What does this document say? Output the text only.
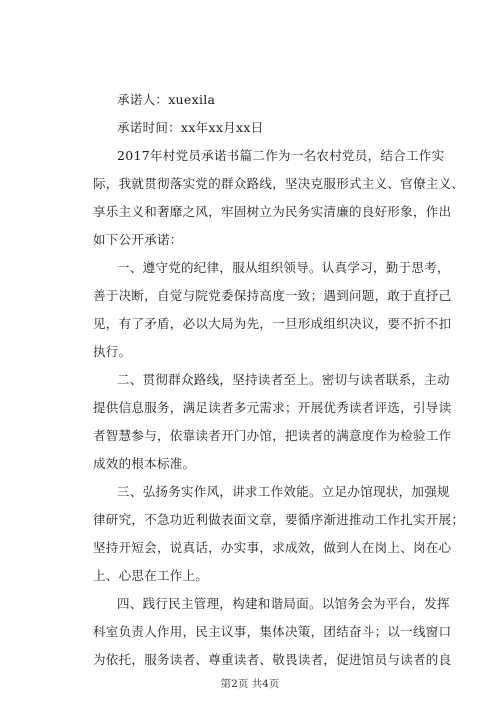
承诺人：xuexila
承诺时间：xx年xx月xx日
2017年村党员承诺书篇二作为一名农村党员，结合工作实
际，我就贯彻落实党的群众路线，坚决克服形式主义、官僚主义、
享乐主义和奢靡之风，牢固树立为民务实清廉的良好形象，作出
如下公开承诺：
一、遵守党的纪律，服从组织领导。认真学习，勤于思考，
善于决断，自觉与院党委保持高度一致；遇到问题，敢于直抒己
见，有了矛盾，必以大局为先，一旦形成组织决议，要不折不扣
执行。
二、贯彻群众路线，坚持读者至上。密切与读者联系，主动
提供信息服务，满足读者多元需求；开展优秀读者评选，引导读
者智慧参与，依靠读者开门办馆，把读者的满意度作为检验工作
成效的根本标准。
三、弘扬务实作风，讲求工作效能。立足办馆现状，加强规
律研究，不急功近利做表面文章，要循序渐进推动工作扎实开展；
坚持开短会，说真话，办实事，求成效，做到人在岗上、岗在心
上、心思在工作上。
四、践行民主管理，构建和谐局面。以馆务会为平台，发挥
科室负责人作用，民主议事，集体决策，团结奋斗；以一线窗口
为依托，服务读者、尊重读者、敬畏读者，促进馆员与读者的良
第2页 共4页
